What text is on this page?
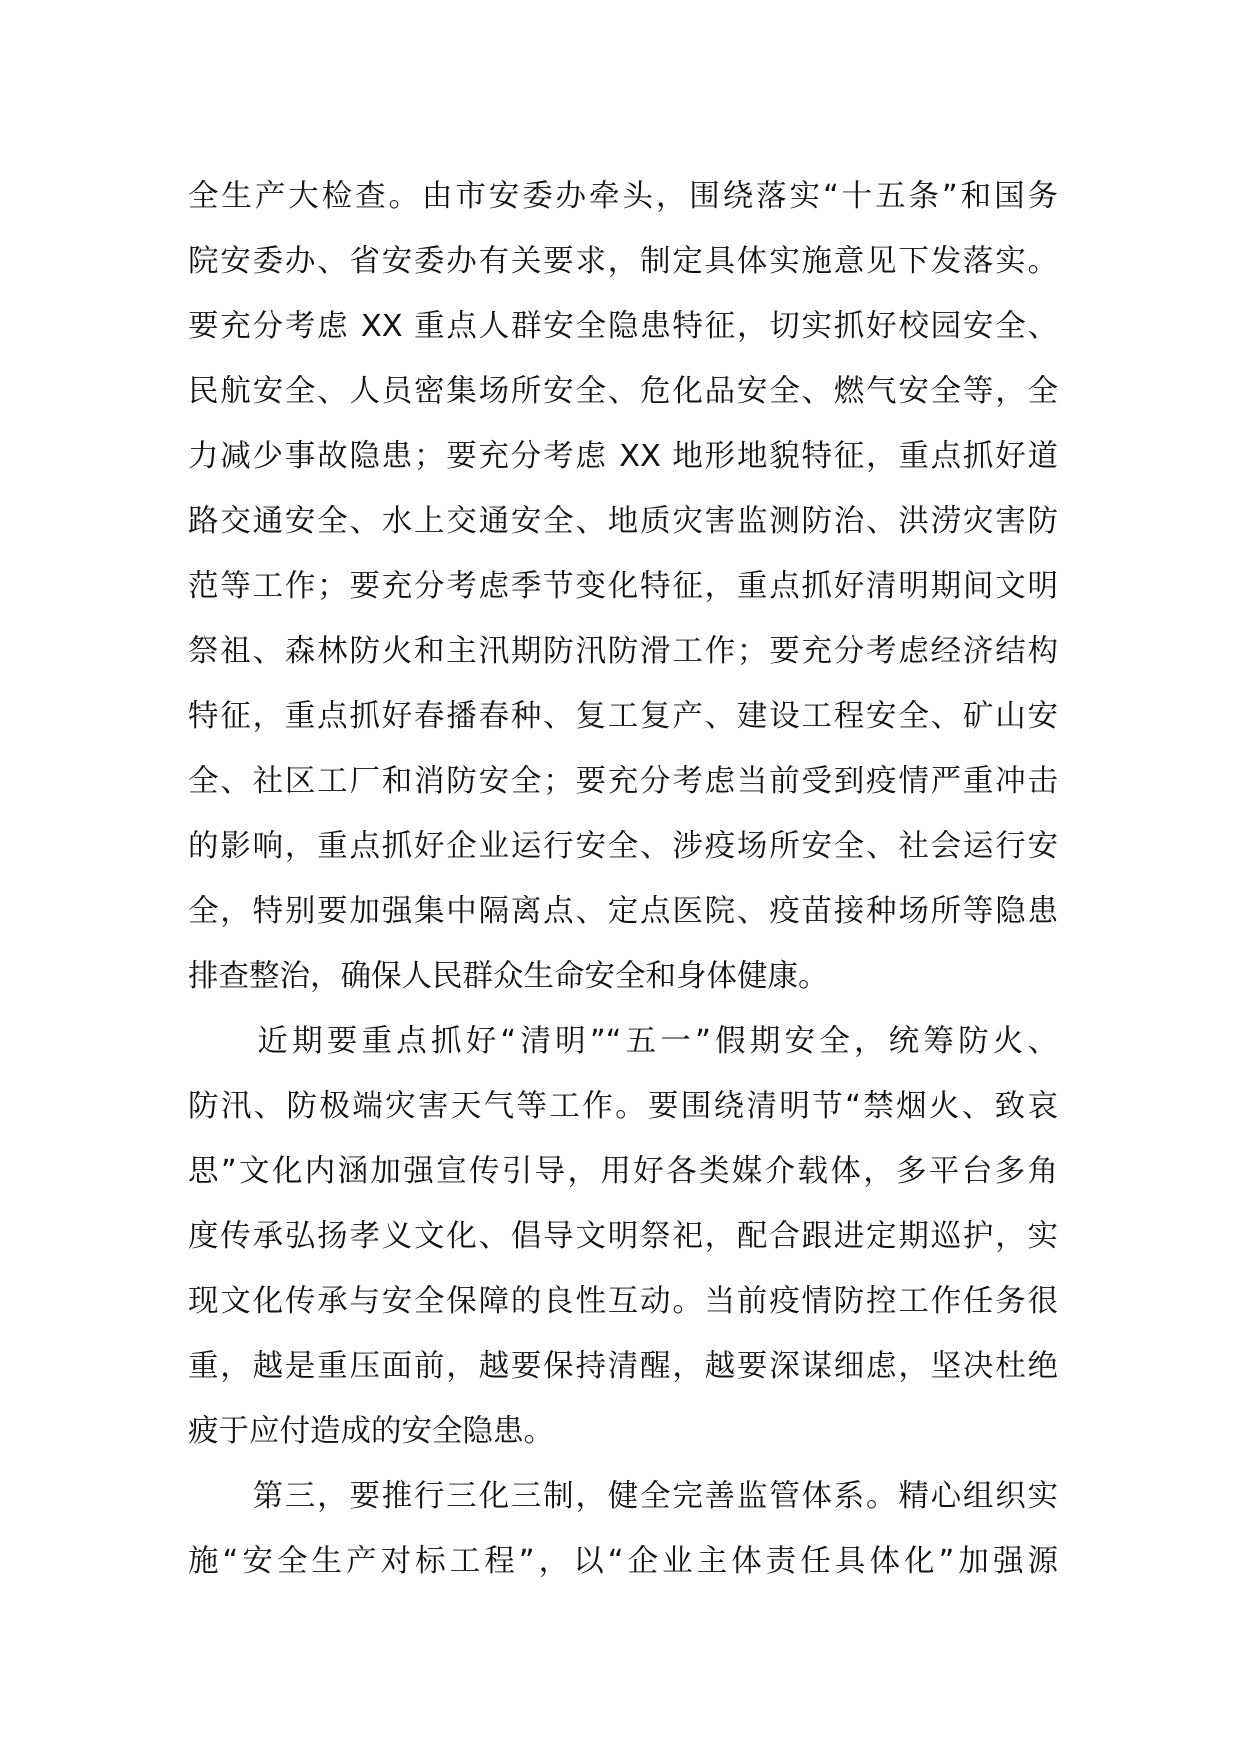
全生产大检查。由市安委办牵头，围绕落实“十五条”和国务
院安委办、省安委办有关要求，制定具体实施意见下发落实。
要充分考虑 XX 重点人群安全隐患特征，切实抓好校园安全、
民航安全、人员密集场所安全、危化品安全、燃气安全等，全
力减少事故隐患；要充分考虑 XX 地形地貌特征，重点抓好道
路交通安全、水上交通安全、地质灾害监测防治、洪涝灾害防
范等工作；要充分考虑季节变化特征，重点抓好清明期间文明
祭祖、森林防火和主汛期防汛防滑工作；要充分考虑经济结构
特征，重点抓好春播春种、复工复产、建设工程安全、矿山安
全、社区工厂和消防安全；要充分考虑当前受到疫情严重冲击
的影响，重点抓好企业运行安全、涉疫场所安全、社会运行安
全，特别要加强集中隔离点、定点医院、疫苗接种场所等隐患
排查整治，确保人民群众生命安全和身体健康。
　　近期要重点抓好“清明”“五一”假期安全，统筹防火、
防汛、防极端灾害天气等工作。要围绕清明节“禁烟火、致哀
思”文化内涵加强宣传引导，用好各类媒介载体，多平台多角
度传承弘扬孝义文化、倡导文明祭祀，配合跟进定期巡护，实
现文化传承与安全保障的良性互动。当前疫情防控工作任务很
重，越是重压面前，越要保持清醒，越要深谋细虑，坚决杜绝
疲于应付造成的安全隐患。
　　第三，要推行三化三制，健全完善监管体系。精心组织实
施“安全生产对标工程”，以“企业主体责任具体化”加强源
